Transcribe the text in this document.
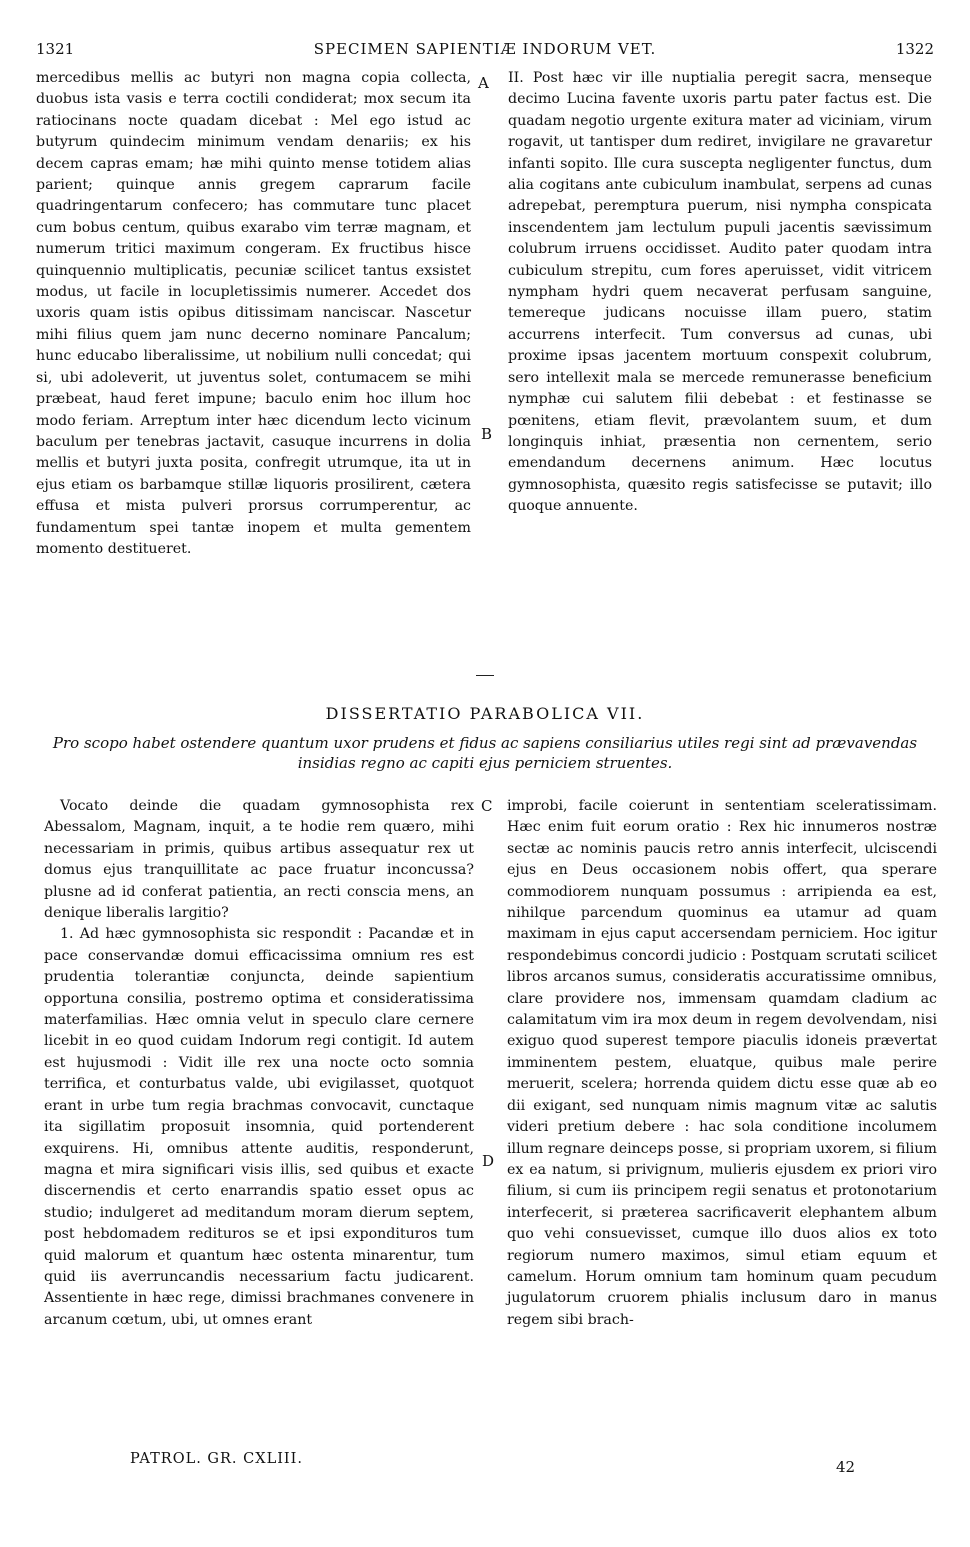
1321	SPECIMEN SAPIENTIÆ INDORUM VET.	1322

mercedibus mellis ac butyri non magna copia collecta, duobus ista vasis e terra coctili condiderat; mox secum ita ratiocinans nocte quadam dicebat : Mel ego istud ac butyrum quindecim minimum vendam denariis; ex his decem capras emam; hæ mihi quinto mense totidem alias parient; quinque annis gregem caprarum facile quadringentarum confecero; has commutare tunc placet cum bobus centum, quibus exarabo vim terræ magnam, et numerum tritici maximum congeram. Ex fructibus hisce quinquennio multiplicatis, pecuniæ scilicet tantus exsistet modus, ut facile in locupletissimis numerer. Accedet dos uxoris quam istis opibus ditissimam nanciscar. Nascetur mihi filius quem jam nunc decerno nominare Pancalum; hunc educabo liberalissime, ut nobilium nulli concedat; qui si, ubi adoleverit, ut juventus solet, contumacem se mihi præbeat, haud feret impune; baculo enim hoc illum hoc modo feriam. Arreptum inter hæc dicendum lecto vicinum baculum per tenebras jactavit, casuque incurrens in dolia mellis et butyri juxta posita, confregit utrumque, ita ut in ejus etiam os barbamque stillæ liquoris prosilirent, cætera effusa et mista pulveri prorsus corrumperentur, ac fundamentum spei tantæ inopem et multa gementem momento destitueret.

A II. Post hæc vir ille nuptialia peregit sacra, menseque decimo Lucina favente uxoris partu pater factus est. Die quadam negotio urgente exitura mater ad viciniam, virum rogavit, ut tantisper dum rediret, invigilare ne gravaretur infanti sopito. Ille cura suscepta negligenter functus, dum alia cogitans ante cubiculum inambulat, serpens ad cunas adrepebat, peremptura puerum, nisi nympha conspicata inscendentem jam lectulum pupuli jacentis sævissimum colubrum irruens occidisset. Audito pater quodam intra cubiculum strepitu, cum fores aperuisset, vidit vitricem nympham hydri quem necaverat perfusam sanguine, temereque judicans nocuisse illam puero, statim accurrens interfecit. Tum conversus ad cunas, ubi proxime ipsas jacentem mortuum conspexit colubrum, sero intellexit mala se mercede remunerasse beneficium nymphæ cui salutem filii debebat : et festinasse se pœnitens, etiam flevit, prævolantem suum, et dum longinquis inhiat, præsentia non cernentem, serio emendandum decernens animum. Hæc locutus gymnosophista, quæsito regis satisfecisse se putavit; illo quoque annuente.

B
DISSERTATIO PARABOLICA VII.
Pro scopo habet ostendere quantum uxor prudens et fidus ac sapiens consiliarius utiles regi sint ad prævavendas insidias regno ac capiti ejus perniciem struentes.

Vocato deinde die quadam gymnosophista rex Abessalom, Magnam, inquit, a te hodie rem quæro, mihi necessariam in primis, quibus artibus assequatur rex ut domus ejus tranquillitate ac pace fruatur inconcussa? plusne ad id conferat patientia, an recti conscia mens, an denique liberalis largitio?

1. Ad hæc gymnosophista sic respondit : Pacandæ et in pace conservandæ domui efficacissima omnium res est prudentia tolerantiæ conjuncta, deinde sapientium opportuna consilia, postremo optima et consideratissima materfamilias. Hæc omnia velut in speculo clare cernere licebit in eo quod cuidam Indorum regi contigit. Id autem est hujusmodi : Vidit ille rex una nocte octo somnia terrifica, et conturbatus valde, ubi evigilasset, quotquot erant in urbe tum regia brachmas convocavit, cunctaque ita sigillatim proposuit insomnia, quid portenderent exquirens. Hi, omnibus attente auditis, responderunt, magna et mira significari visis illis, sed quibus et exacte discernendis et certo enarrandis spatio esset opus ac studio; indulgeret ad meditandum moram dierum septem, post hebdomadem redituros se et ipsi expondituros tum quid malorum et quantum hæc ostenta minarentur, tum quid iis averruncandis necessarium factu judicarent. Assentiente in hæc rege, dimissi brachmanes convenere in arcanum cœtum, ubi, ut omnes erant

C
D

improbi, facile coierunt in sententiam sceleratissimam. Hæc enim fuit eorum oratio : Rex hic innumeros nostræ sectæ ac nominis paucis retro annis interfecit, ulciscendi ejus en Deus occasionem nobis offert, qua sperare commodiorem nunquam possumus : arripienda ea est, nihilque parcendum quominus ea utamur ad quam maximam in ejus caput accersendam perniciem. Hoc igitur respondebimus concordi judicio : Postquam scrutati scilicet libros arcanos sumus, consideratis accuratissime omnibus, clare providere nos, immensam quamdam cladium ac calamitatum vim ira mox deum in regem devolvendam, nisi exiguo quod superest tempore piaculis idoneis prævertat imminentem pestem, eluatque, quibus male perire meruerit, scelera; horrenda quidem dictu esse quæ ab eo dii exigant, sed nunquam nimis magnum vitæ ac salutis videri pretium debere : hac sola conditione incolumem illum regnare deinceps posse, si propriam uxorem, si filium ex ea natum, si privignum, mulieris ejusdem ex priori viro filium, si cum iis principem regii senatus et protonotarium interfecerit, si præterea sacrificaverit elephantem album quo vehi consuevisset, cumque illo duos alios ex toto regiorum numero maximos, simul etiam equum et camelum. Horum omnium tam hominum quam pecudum jugulatorum cruorem phialis inclusum daro in manus regem sibi brach-

PATROL. GR. CXLIII.	42
